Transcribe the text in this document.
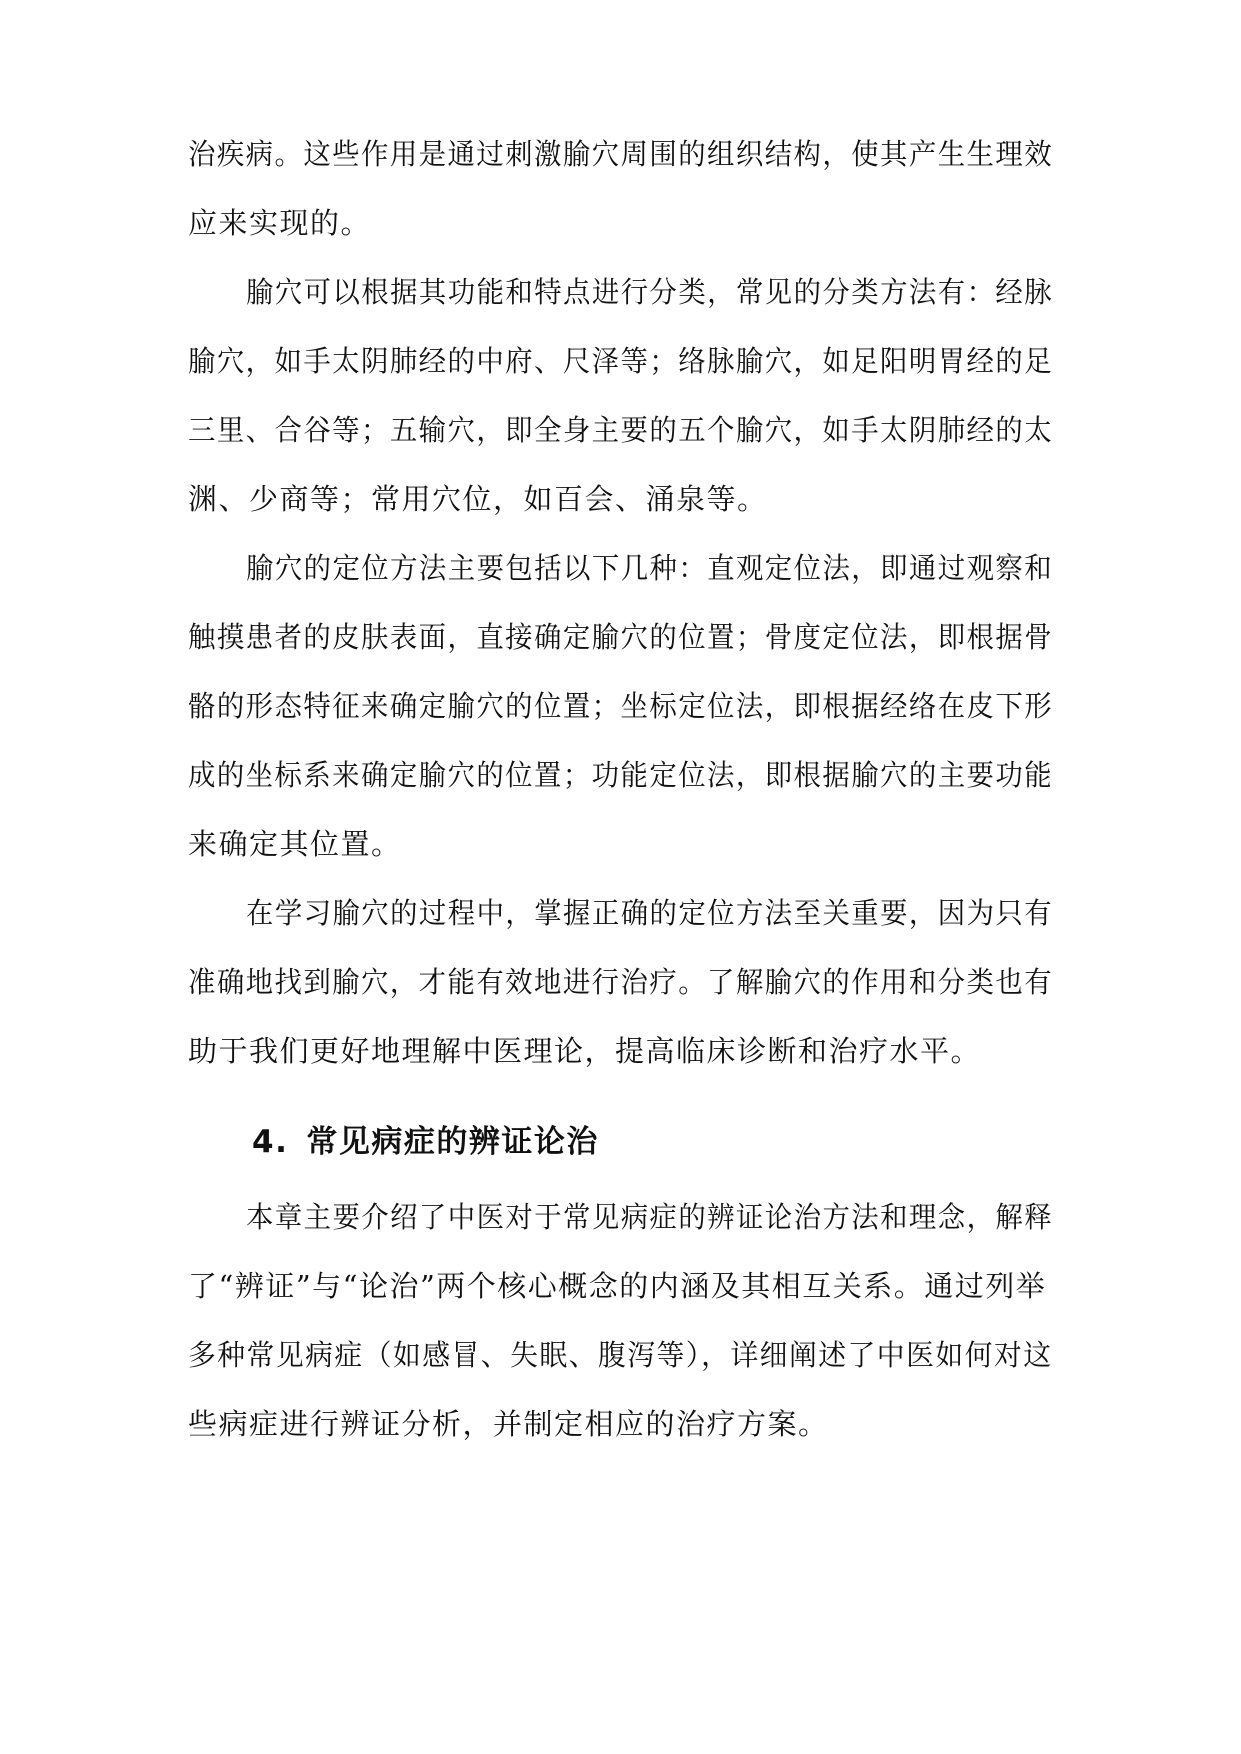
治疾病。这些作用是通过刺激腧穴周围的组织结构，使其产生生理效
应来实现的。
腧穴可以根据其功能和特点进行分类，常见的分类方法有：经脉
腧穴，如手太阴肺经的中府、尺泽等；络脉腧穴，如足阳明胃经的足
三里、合谷等；五输穴，即全身主要的五个腧穴，如手太阴肺经的太
渊、少商等；常用穴位，如百会、涌泉等。
腧穴的定位方法主要包括以下几种：直观定位法，即通过观察和
触摸患者的皮肤表面，直接确定腧穴的位置；骨度定位法，即根据骨
骼的形态特征来确定腧穴的位置；坐标定位法，即根据经络在皮下形
成的坐标系来确定腧穴的位置；功能定位法，即根据腧穴的主要功能
来确定其位置。
在学习腧穴的过程中，掌握正确的定位方法至关重要，因为只有
准确地找到腧穴，才能有效地进行治疗。了解腧穴的作用和分类也有
助于我们更好地理解中医理论，提高临床诊断和治疗水平。
4. 常见病症的辨证论治
本章主要介绍了中医对于常见病症的辨证论治方法和理念，解释
了“辨证”与“论治”两个核心概念的内涵及其相互关系。通过列举
多种常见病症（如感冒、失眠、腹泻等），详细阐述了中医如何对这
些病症进行辨证分析，并制定相应的治疗方案。
